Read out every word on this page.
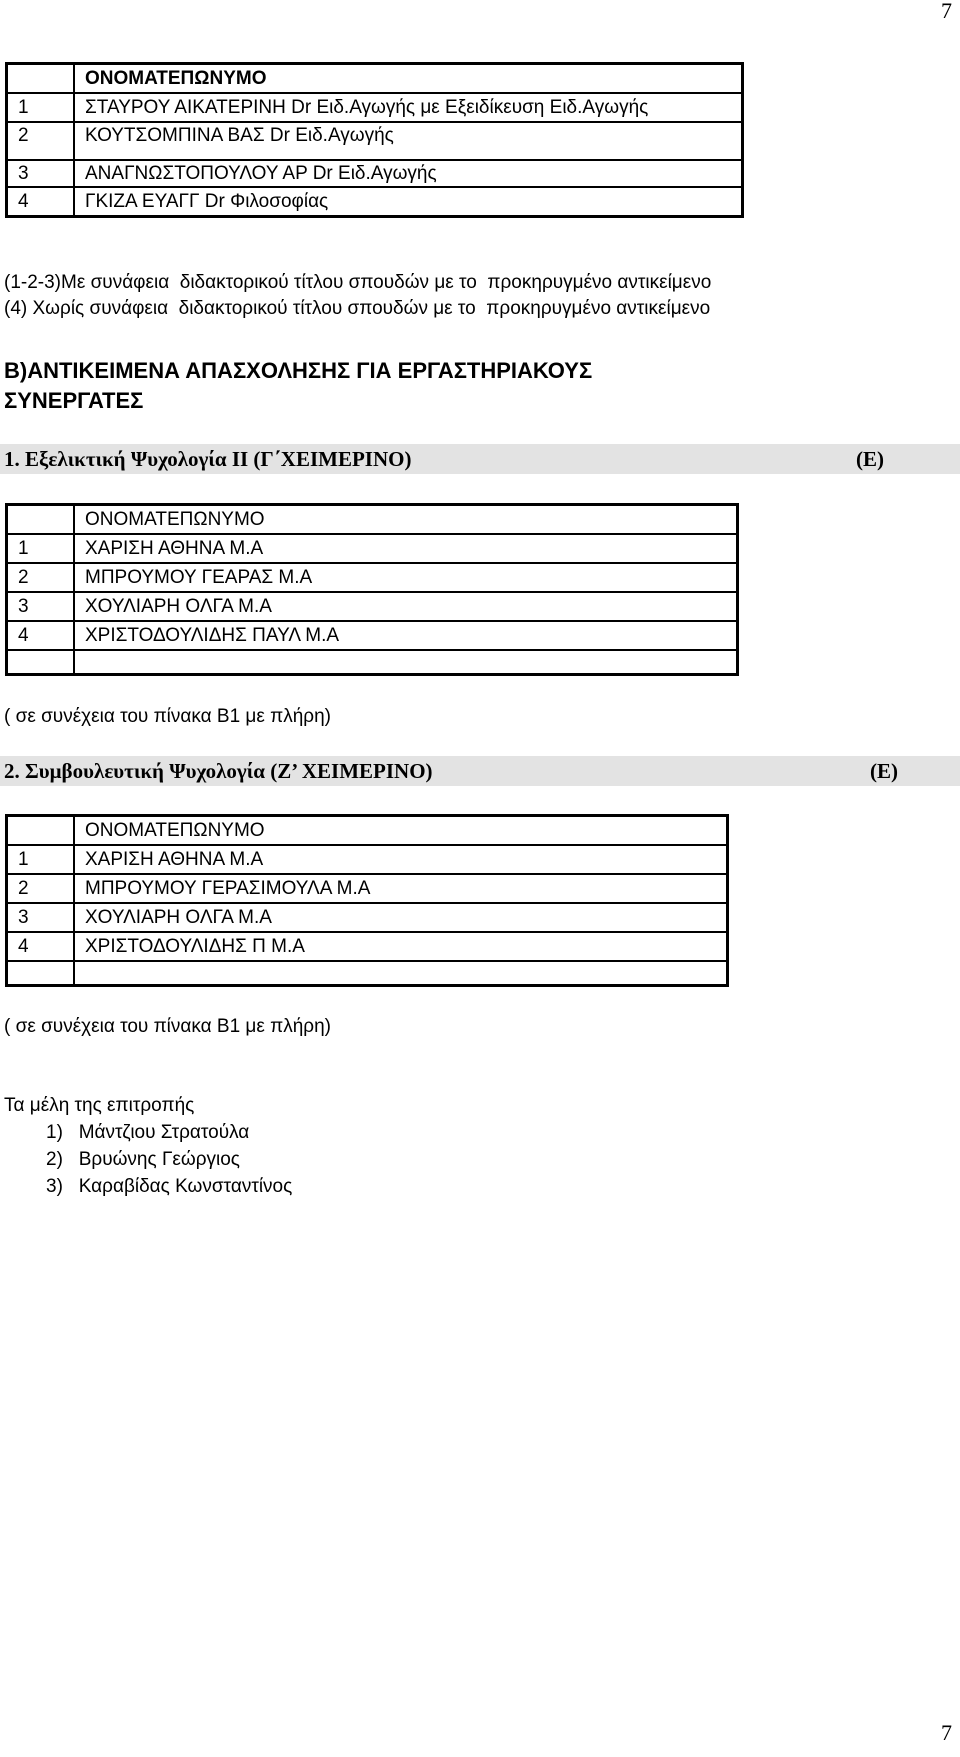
7
	ΟΝΟΜΑΤΕΠΩΝΥΜΟ
1	ΣΤΑΥΡΟΥ ΑΙΚΑΤΕΡΙΝΗ Dr Ειδ.Αγωγής με Εξειδίκευση Ειδ.Αγωγής
2	ΚΟΥΤΣΟΜΠΙΝΑ ΒΑΣ Dr Ειδ.Αγωγής
3	ΑΝΑΓΝΩΣΤΟΠΟΥΛΟΥ ΑΡ Dr Ειδ.Αγωγής
4	ΓΚΙΖΑ ΕΥΑΓΓ Dr Φιλοσοφίας
(1-2-3)Με συνάφεια  διδακτορικού τίτλου σπουδών με το  προκηρυγμένο αντικείμενο
(4) Χωρίς συνάφεια  διδακτορικού τίτλου σπουδών με το  προκηρυγμένο αντικείμενο
Β)ΑΝΤΙΚΕΙΜΕΝΑ ΑΠΑΣΧΟΛΗΣΗΣ ΓΙΑ ΕΡΓΑΣΤΗΡΙΑΚΟΥΣ
ΣΥΝΕΡΓΑΤΕΣ
1. Εξελικτική Ψυχολογία ΙΙ (Γ΄ΧΕΙΜΕΡΙΝΟ)	(Ε)
	ΟΝΟΜΑΤΕΠΩΝΥΜΟ
1	ΧΑΡΙΣΗ ΑΘΗΝΑ Μ.Α
2	ΜΠΡΟΥΜΟΥ ΓΕΑΡΑΣ Μ.Α
3	ΧΟΥΛΙΑΡΗ ΟΛΓΑ Μ.Α
4	ΧΡΙΣΤΟΔΟΥΛΙΔΗΣ ΠΑΥΛ Μ.Α

( σε συνέχεια του πίνακα Β1 με πλήρη)
2. Συμβουλευτική Ψυχολογία (Ζ’ ΧΕΙΜΕΡΙΝΟ)	(Ε)
	ΟΝΟΜΑΤΕΠΩΝΥΜΟ
1	ΧΑΡΙΣΗ ΑΘΗΝΑ Μ.Α
2	ΜΠΡΟΥΜΟΥ ΓΕΡΑΣΙΜΟΥΛΑ Μ.Α
3	ΧΟΥΛΙΑΡΗ ΟΛΓΑ Μ.Α
4	ΧΡΙΣΤΟΔΟΥΛΙΔΗΣ Π Μ.Α

( σε συνέχεια του πίνακα Β1 με πλήρη)
Τα μέλη της επιτροπής
1)   Μάντζιου Στρατούλα
2)   Βρυώνης Γεώργιος
3)   Καραβίδας Κωνσταντίνος
7
